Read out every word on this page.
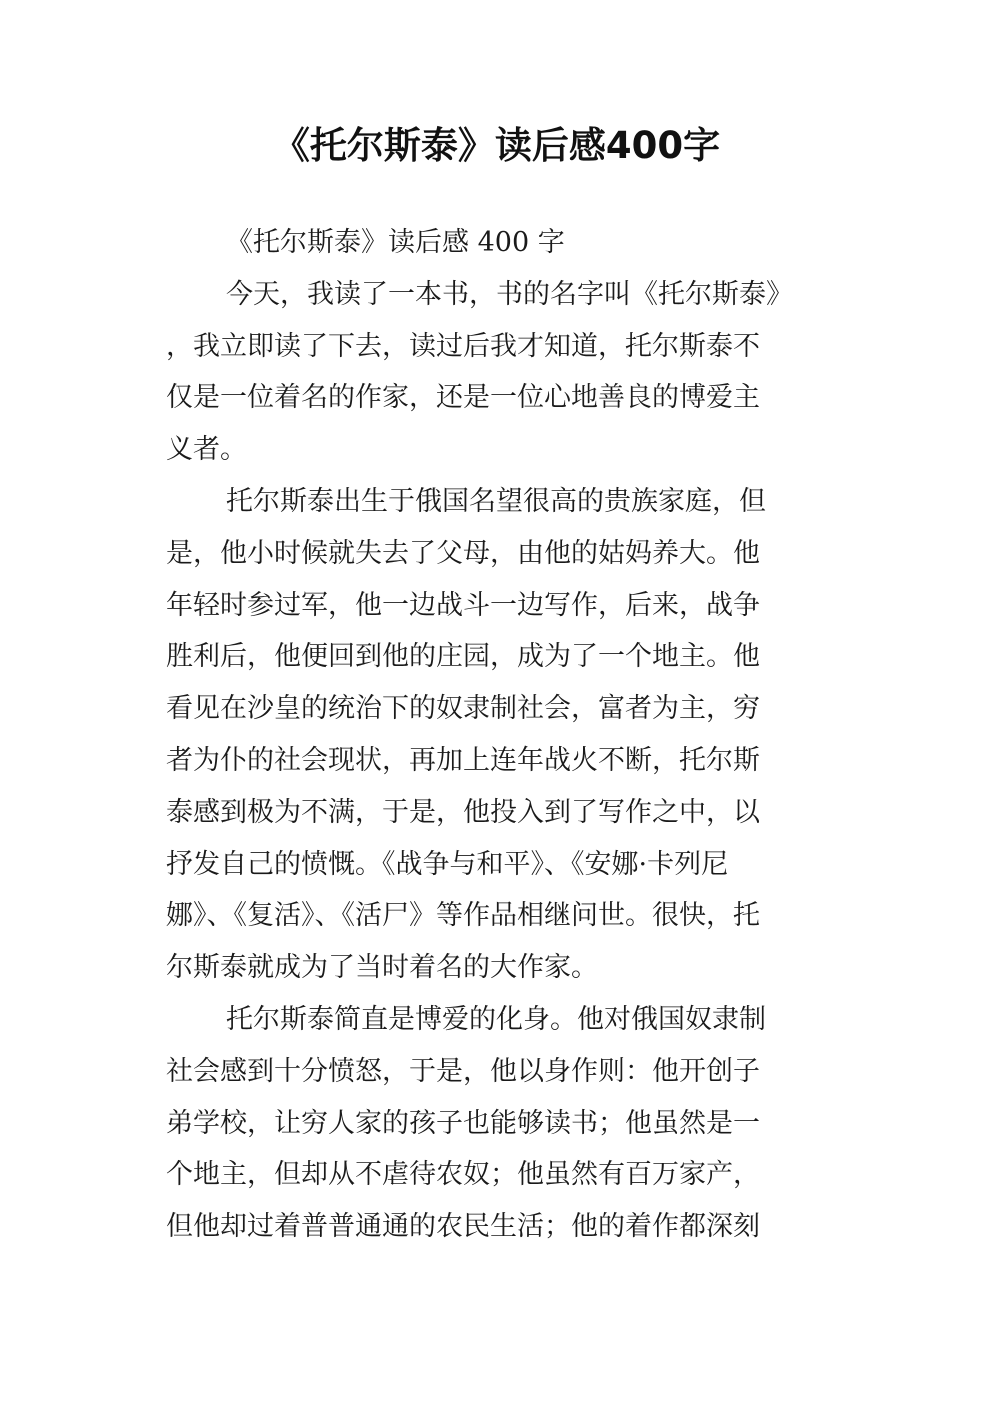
《托尔斯泰》读后感400字
《托尔斯泰》读后感 400 字
今天，我读了一本书，书的名字叫《托尔斯泰》
，我立即读了下去，读过后我才知道，托尔斯泰不
仅是一位着名的作家，还是一位心地善良的博爱主
义者。
托尔斯泰出生于俄国名望很高的贵族家庭，但
是，他小时候就失去了父母，由他的姑妈养大。他
年轻时参过军，他一边战斗一边写作，后来，战争
胜利后，他便回到他的庄园，成为了一个地主。他
看见在沙皇的统治下的奴隶制社会，富者为主，穷
者为仆的社会现状，再加上连年战火不断，托尔斯
泰感到极为不满，于是，他投入到了写作之中，以
抒发自己的愤慨。《战争与和平》、《安娜·卡列尼
娜》、《复活》、《活尸》等作品相继问世。很快，托
尔斯泰就成为了当时着名的大作家。
托尔斯泰简直是博爱的化身。他对俄国奴隶制
社会感到十分愤怒，于是，他以身作则：他开创子
弟学校，让穷人家的孩子也能够读书；他虽然是一
个地主，但却从不虐待农奴；他虽然有百万家产，
但他却过着普普通通的农民生活；他的着作都深刻
